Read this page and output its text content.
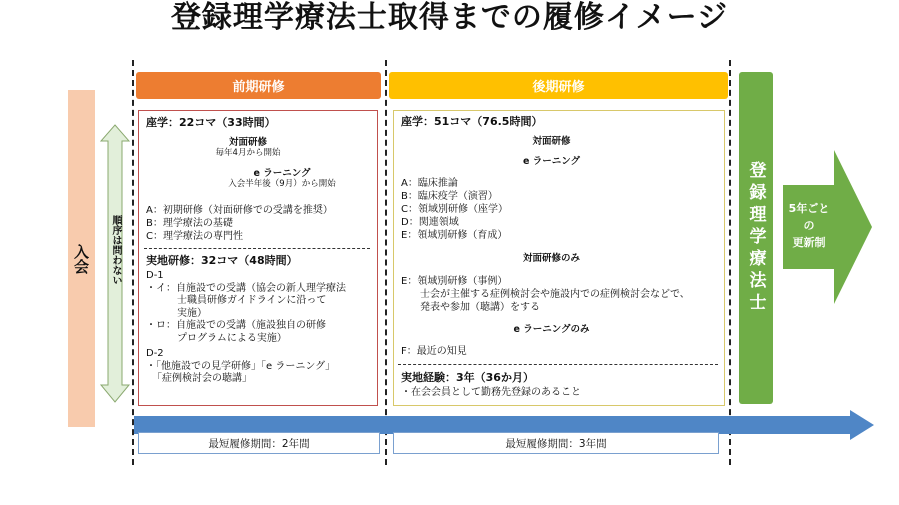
登録理学療法士取得までの履修イメージ
入会 順序は問わない
前期研修	後期研修
登録理学療法士	5年ごと
の
更新制
座学：22コマ（33時間）
対面研修
毎年4月から開始
e ラーニング
入会半年後（9月）から開始
A：初期研修（対面研修での受講を推奨）
B：理学療法の基礎
C：理学療法の専門性
実地研修：32コマ（48時間）
D‐1
・イ：自施設での受講（協会の新人理学療法
士職員研修ガイドラインに沿って
実施）
・ロ：自施設での受講（施設独自の研修
プログラムによる実施）
D‐2
・「他施設での見学研修」「e ラーニング」
「症例検討会の聴講」
座学：51コマ（76.5時間）
対面研修
e ラーニング
A：臨床推論
B：臨床疫学（演習）
C：領域別研修（座学）
D：関連領域
E：領域別研修（育成）
対面研修のみ
E：領域別研修（事例）
士会が主催する症例検討会や施設内での症例検討会などで、
発表や参加（聴講）をする
e ラーニングのみ
F：最近の知見
実地経験：3年（36か月）
・在会会員として勤務先登録のあること
最短履修期間：2年間	最短履修期間：3年間
